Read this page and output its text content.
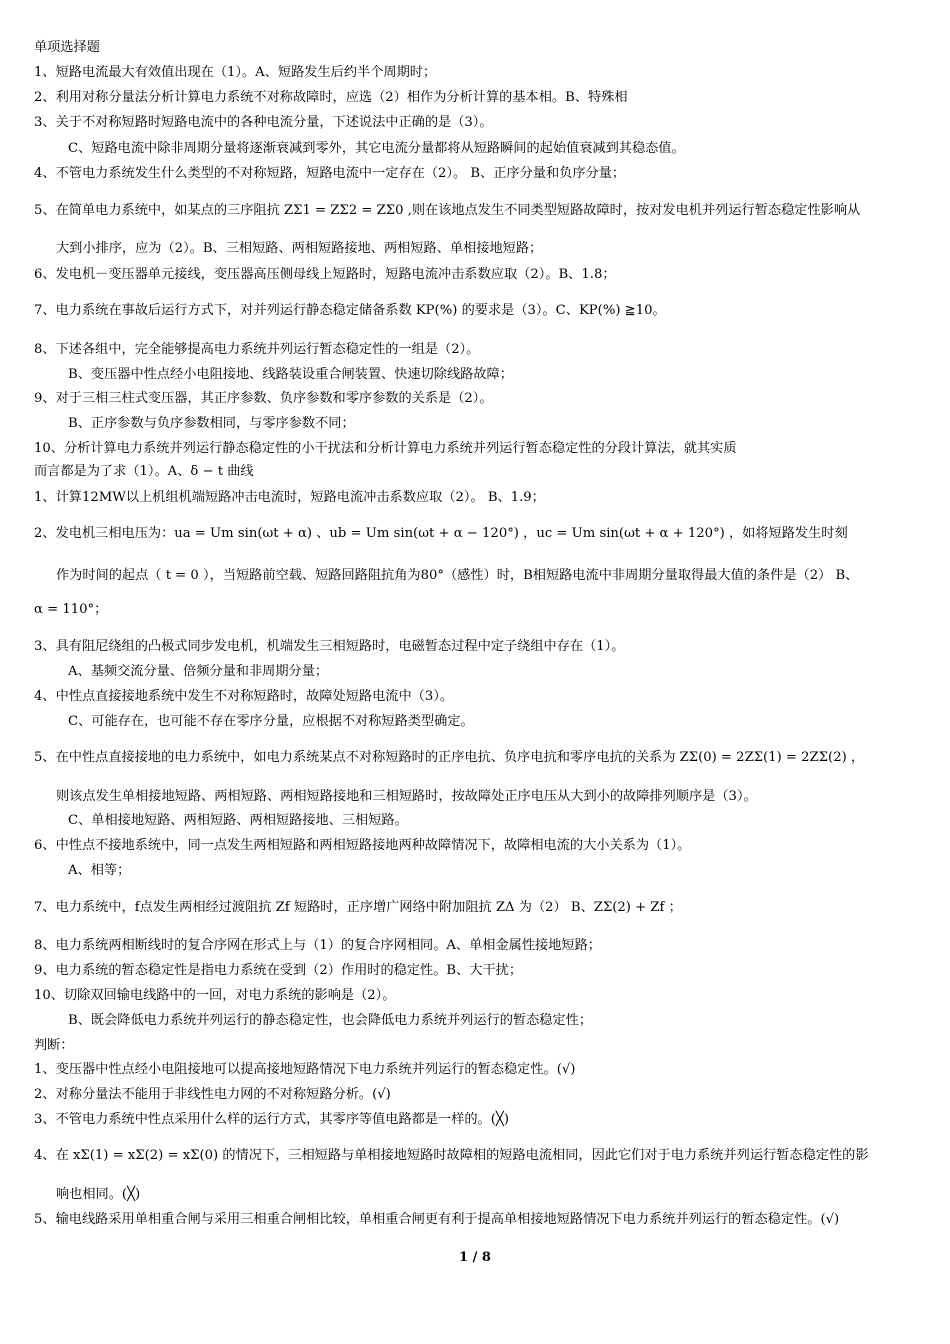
单项选择题
1、短路电流最大有效值出现在（1）。A、短路发生后约半个周期时；
2、利用对称分量法分析计算电力系统不对称故障时，应选（2）相作为分析计算的基本相。B、特殊相
3、关于不对称短路时短路电流中的各种电流分量，下述说法中正确的是（3）。
C、短路电流中除非周期分量将逐渐衰减到零外，其它电流分量都将从短路瞬间的起始值衰减到其稳态值。
4、不管电力系统发生什么类型的不对称短路，短路电流中一定存在（2）。 B、正序分量和负序分量；
5、在简单电力系统中，如某点的三序阻抗 ZΣ1 = ZΣ2 = ZΣ0 ,则在该地点发生不同类型短路故障时，按对发电机并列运行暂态稳定性影响从
大到小排序，应为（2）。B、三相短路、两相短路接地、两相短路、单相接地短路；
6、发电机－变压器单元接线，变压器高压侧母线上短路时，短路电流冲击系数应取（2）。B、1.8；
7、电力系统在事故后运行方式下，对并列运行静态稳定储备系数 KP(%) 的要求是（3）。C、KP(%) ≧10。
8、下述各组中，完全能够提高电力系统并列运行暂态稳定性的一组是（2）。
B、变压器中性点经小电阻接地、线路装设重合闸装置、快速切除线路故障；
9、对于三相三柱式变压器，其正序参数、负序参数和零序参数的关系是（2）。
B、正序参数与负序参数相同，与零序参数不同；
10、分析计算电力系统并列运行静态稳定性的小干扰法和分析计算电力系统并列运行暂态稳定性的分段计算法，就其实质
而言都是为了求（1）。A、δ − t 曲线
1、计算12MW以上机组机端短路冲击电流时，短路电流冲击系数应取（2）。 B、1.9；
2、发电机三相电压为：ua = Um sin(ωt + α) 、ub = Um sin(ωt + α − 120°) ，uc = Um sin(ωt + α + 120°) ，如将短路发生时刻
作为时间的起点（ t = 0 ），当短路前空载、短路回路阻抗角为80°（感性）时，B相短路电流中非周期分量取得最大值的条件是（2） B、
α = 110°；
3、具有阻尼绕组的凸极式同步发电机，机端发生三相短路时，电磁暂态过程中定子绕组中存在（1）。
A、基频交流分量、倍频分量和非周期分量；
4、中性点直接接地系统中发生不对称短路时，故障处短路电流中（3）。
C、可能存在，也可能不存在零序分量，应根据不对称短路类型确定。
5、在中性点直接接地的电力系统中，如电力系统某点不对称短路时的正序电抗、负序电抗和零序电抗的关系为 ZΣ(0) = 2ZΣ(1) = 2ZΣ(2) ，
则该点发生单相接地短路、两相短路、两相短路接地和三相短路时，按故障处正序电压从大到小的故障排列顺序是（3）。
C、单相接地短路、两相短路、两相短路接地、三相短路。
6、中性点不接地系统中，同一点发生两相短路和两相短路接地两种故障情况下，故障相电流的大小关系为（1）。
A、相等；
7、电力系统中，f点发生两相经过渡阻抗 Zf 短路时，正序增广网络中附加阻抗 ZΔ 为（2） B、ZΣ(2) + Zf ；
8、电力系统两相断线时的复合序网在形式上与（1）的复合序网相同。A、单相金属性接地短路；
9、电力系统的暂态稳定性是指电力系统在受到（2）作用时的稳定性。B、大干扰；
10、切除双回输电线路中的一回，对电力系统的影响是（2）。
B、既会降低电力系统并列运行的静态稳定性，也会降低电力系统并列运行的暂态稳定性；
判断：
1、变压器中性点经小电阻接地可以提高接地短路情况下电力系统并列运行的暂态稳定性。(√)
2、对称分量法不能用于非线性电力网的不对称短路分析。(√)
3、不管电力系统中性点采用什么样的运行方式，其零序等值电路都是一样的。(╳)
4、在 xΣ(1) = xΣ(2) = xΣ(0) 的情况下，三相短路与单相接地短路时故障相的短路电流相同，因此它们对于电力系统并列运行暂态稳定性的影
响也相同。(╳)
5、输电线路采用单相重合闸与采用三相重合闸相比较，单相重合闸更有利于提高单相接地短路情况下电力系统并列运行的暂态稳定性。(√)
1 / 8
